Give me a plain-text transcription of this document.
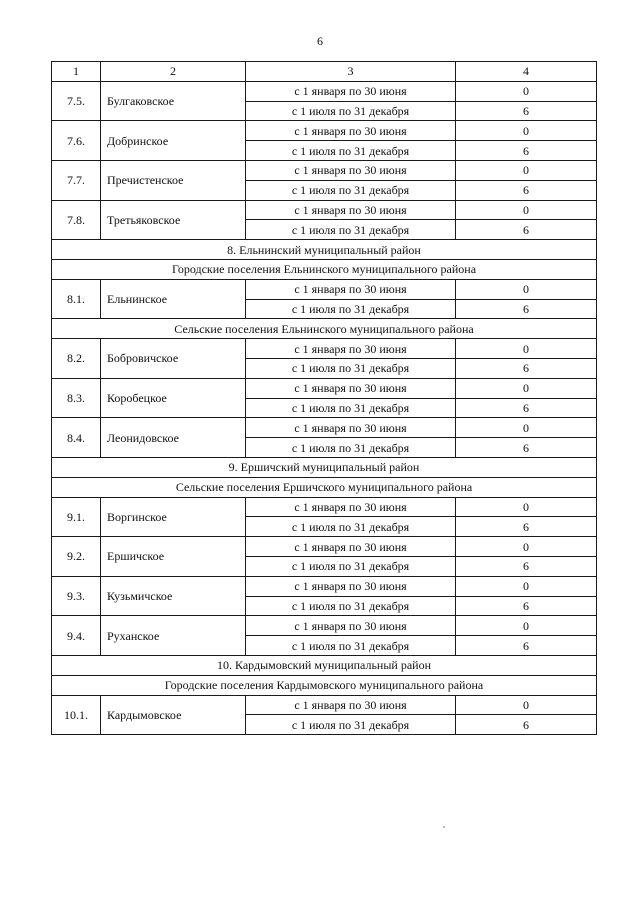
6
1	2	3	4
7.5.	Булгаковское	с 1 января по 30 июня	0
		с 1 июля по 31 декабря	6
7.6.	Добринское	с 1 января по 30 июня	0
		с 1 июля по 31 декабря	6
7.7.	Пречистенское	с 1 января по 30 июня	0
		с 1 июля по 31 декабря	6
7.8.	Третьяковское	с 1 января по 30 июня	0
		с 1 июля по 31 декабря	6
8. Ельнинский муниципальный район			
Городские поселения Ельнинского муниципального района			
8.1.	Ельнинское	с 1 января по 30 июня	0
		с 1 июля по 31 декабря	6
Сельские поселения Ельнинского муниципального района			
8.2.	Бобровичское	с 1 января по 30 июня	0
		с 1 июля по 31 декабря	6
8.3.	Коробецкое	с 1 января по 30 июня	0
		с 1 июля по 31 декабря	6
8.4.	Леонидовское	с 1 января по 30 июня	0
		с 1 июля по 31 декабря	6
9. Ершичский муниципальный район			
Сельские поселения Ершичского муниципального района			
9.1.	Воргинское	с 1 января по 30 июня	0
		с 1 июля по 31 декабря	6
9.2.	Ершичское	с 1 января по 30 июня	0
		с 1 июля по 31 декабря	6
9.3.	Кузьмичское	с 1 января по 30 июня	0
		с 1 июля по 31 декабря	6
9.4.	Руханское	с 1 января по 30 июня	0
		с 1 июля по 31 декабря	6
10. Кардымовский муниципальный район			
Городские поселения Кардымовского муниципального района			
10.1.	Кардымовское	с 1 января по 30 июня	0
		с 1 июля по 31 декабря	6
